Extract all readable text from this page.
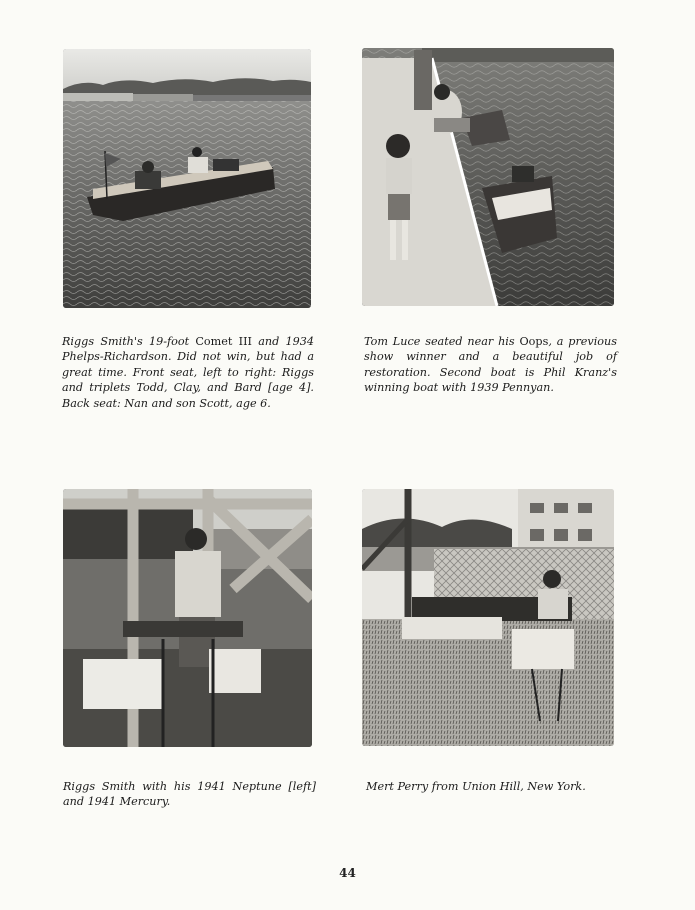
Riggs Smith's 19-foot Comet III and 1934 Phelps-Richardson. Did not win, but had a great time. Front seat, left to right: Riggs and triplets Todd, Clay, and Bard [age 4]. Back seat: Nan and son Scott, age 6.
Tom Luce seated near his Oops, a previous show winner and a beautiful job of restoration. Second boat is Phil Kranz's winning boat with 1939 Pennyan.
Riggs Smith with his 1941 Neptune [left] and 1941 Mercury.
Mert Perry from Union Hill, New York.
44
